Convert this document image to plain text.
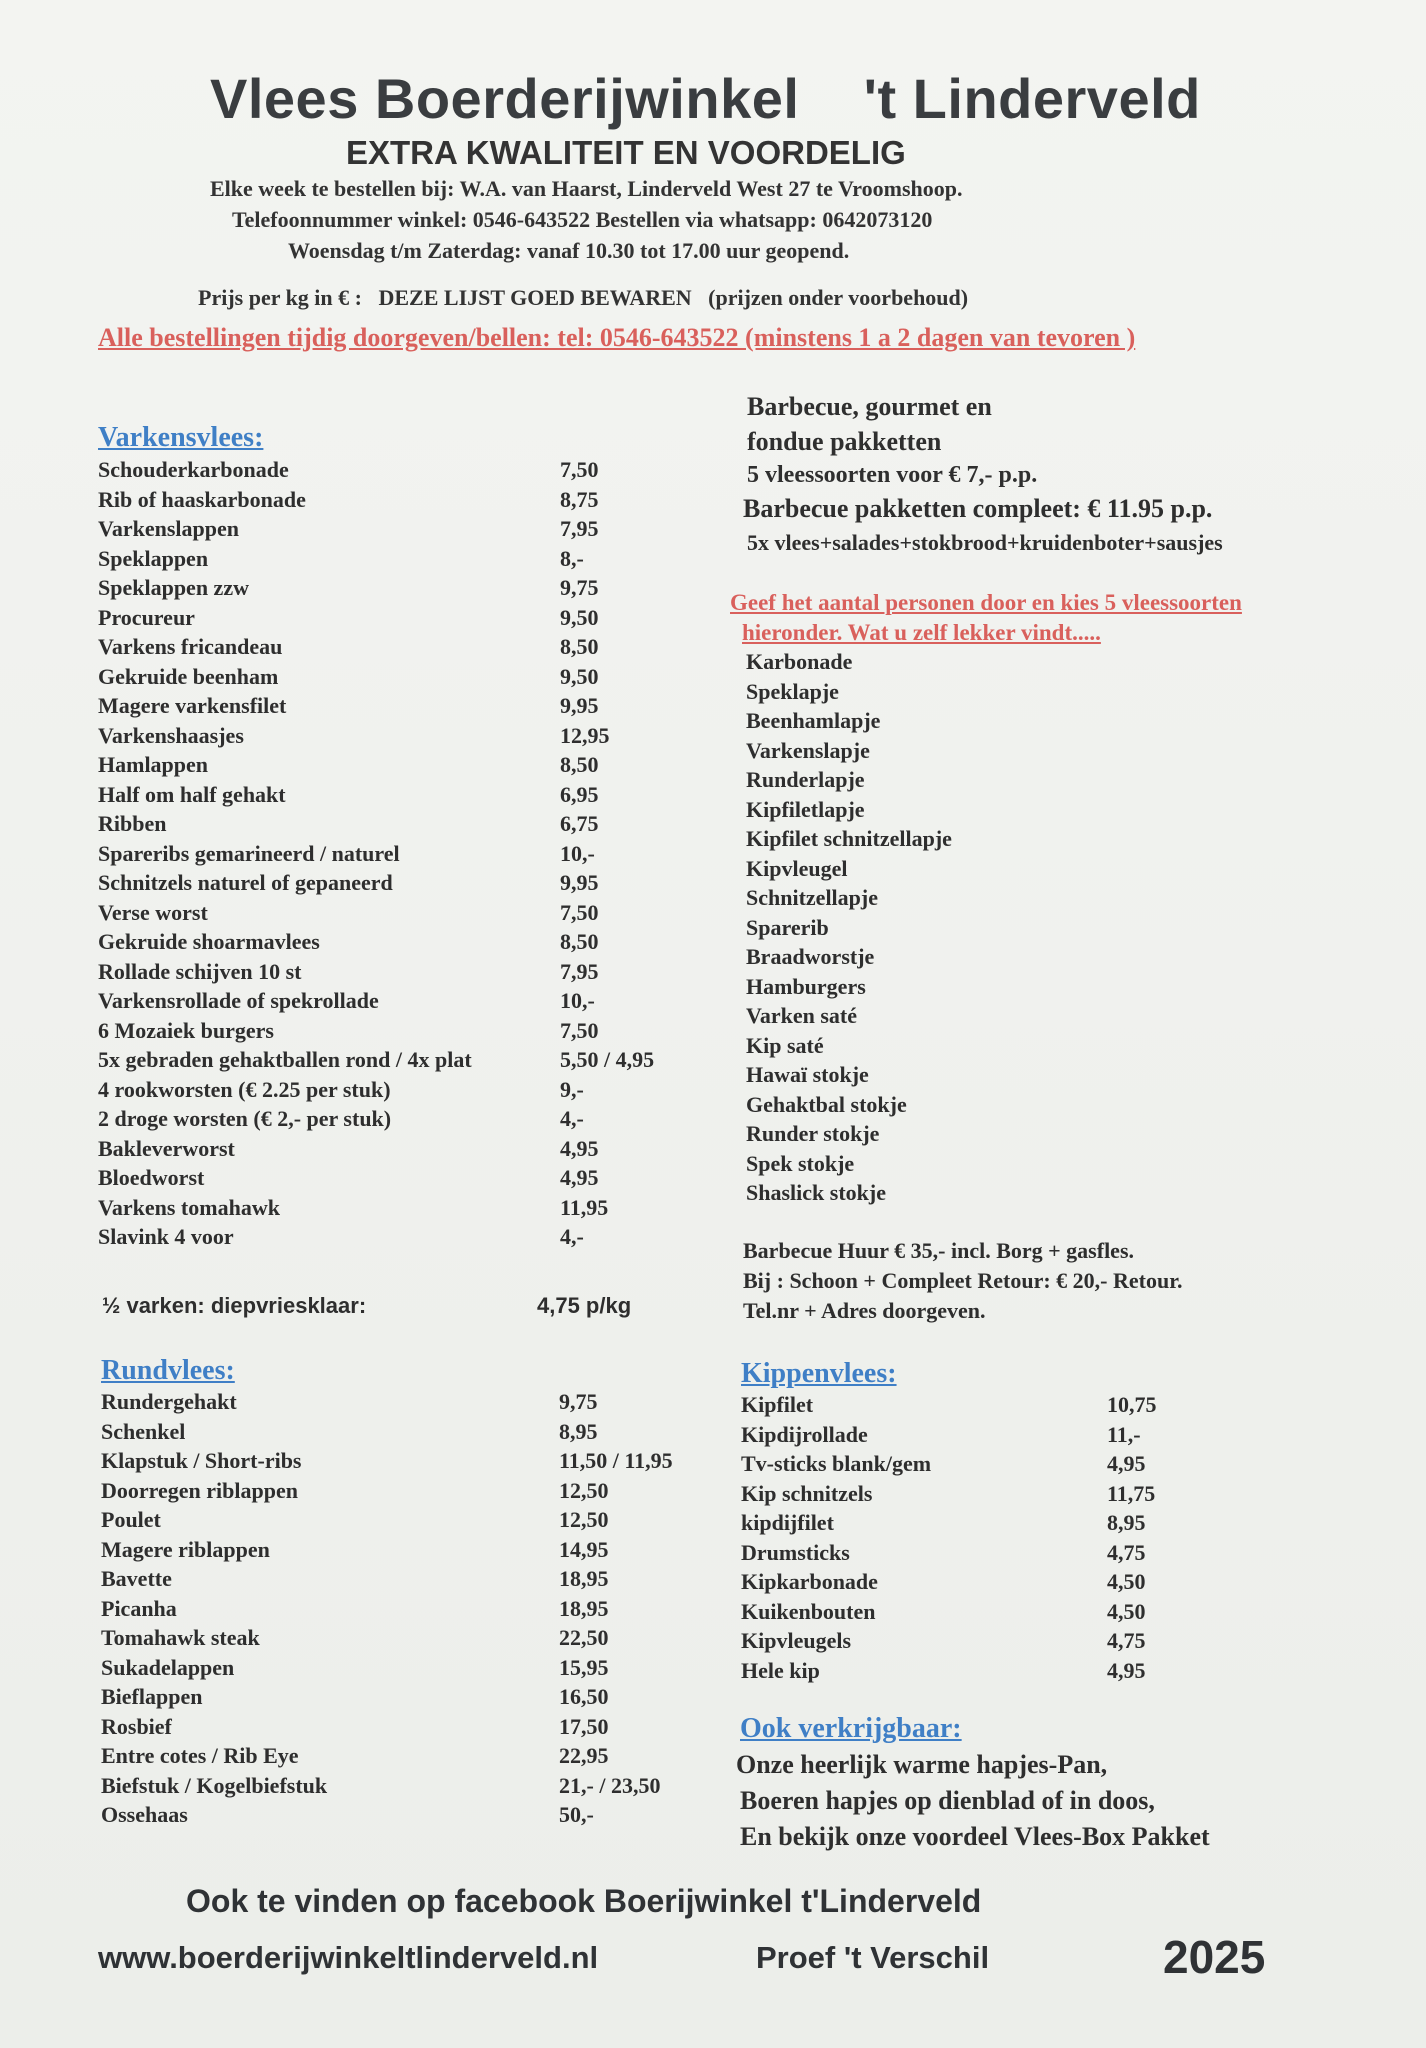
Vlees Boerderijwinkel    't Linderveld
EXTRA KWALITEIT EN VOORDELIG
Elke week te bestellen bij: W.A. van Haarst, Linderveld West 27 te Vroomshoop.
Telefoonnummer winkel: 0546-643522 Bestellen via whatsapp: 0642073120
Woensdag t/m Zaterdag: vanaf 10.30 tot 17.00 uur geopend.
Prijs per kg in € :   DEZE LIJST GOED BEWAREN   (prijzen onder voorbehoud)
Alle bestellingen tijdig doorgeven/bellen: tel: 0546-643522 (minstens 1 a 2 dagen van tevoren )
Varkensvlees:
Schouderkarbonade	7,50
Rib of haaskarbonade	8,75
Varkenslappen	7,95
Speklappen	8,-
Speklappen zzw	9,75
Procureur	9,50
Varkens fricandeau	8,50
Gekruide beenham	9,50
Magere varkensfilet	9,95
Varkenshaasjes	12,95
Hamlappen	8,50
Half om half gehakt	6,95
Ribben	6,75
Spareribs gemarineerd / naturel	10,-
Schnitzels naturel of gepaneerd	9,95
Verse worst	7,50
Gekruide shoarmavlees	8,50
Rollade schijven 10 st	7,95
Varkensrollade of spekrollade	10,-
6 Mozaiek burgers	7,50
5x gebraden gehaktballen rond / 4x plat	5,50 / 4,95
4 rookworsten (€ 2.25 per stuk)	9,-
2 droge worsten (€ 2,- per stuk)	4,-
Bakleverworst	4,95
Bloedworst	4,95
Varkens tomahawk	11,95
Slavink 4 voor	4,-
½ varken: diepvriesklaar:	4,75 p/kg
Rundvlees:
Rundergehakt	9,75
Schenkel	8,95
Klapstuk / Short-ribs	11,50 / 11,95
Doorregen riblappen	12,50
Poulet	12,50
Magere riblappen	14,95
Bavette	18,95
Picanha	18,95
Tomahawk steak	22,50
Sukadelappen	15,95
Bieflappen	16,50
Rosbief	17,50
Entre cotes / Rib Eye	22,95
Biefstuk / Kogelbiefstuk	21,- / 23,50
Ossehaas	50,-
Barbecue, gourmet en
fondue pakketten
5 vleessoorten voor € 7,- p.p.
Barbecue pakketten compleet: € 11.95 p.p.
5x vlees+salades+stokbrood+kruidenboter+sausjes
Geef het aantal personen door en kies 5 vleessoorten
hieronder. Wat u zelf lekker vindt.....
Karbonade
Speklapje
Beenhamlapje
Varkenslapje
Runderlapje
Kipfiletlapje
Kipfilet schnitzellapje
Kipvleugel
Schnitzellapje
Sparerib
Braadworstje
Hamburgers
Varken saté
Kip saté
Hawaï stokje
Gehaktbal stokje
Runder stokje
Spek stokje
Shaslick stokje
Barbecue Huur € 35,- incl. Borg + gasfles.
Bij : Schoon + Compleet Retour: € 20,- Retour.
Tel.nr + Adres doorgeven.
Kippenvlees:
Kipfilet	10,75
Kipdijrollade	11,-
Tv-sticks blank/gem	4,95
Kip schnitzels	11,75
kipdijfilet	8,95
Drumsticks	4,75
Kipkarbonade	4,50
Kuikenbouten	4,50
Kipvleugels	4,75
Hele kip	4,95
Ook verkrijgbaar:
Onze heerlijk warme hapjes-Pan,
Boeren hapjes op dienblad of in doos,
En bekijk onze voordeel Vlees-Box Pakket
Ook te vinden op facebook Boerijwinkel t'Linderveld
www.boerderijwinkeltlinderveld.nl	Proef 't Verschil	2025
